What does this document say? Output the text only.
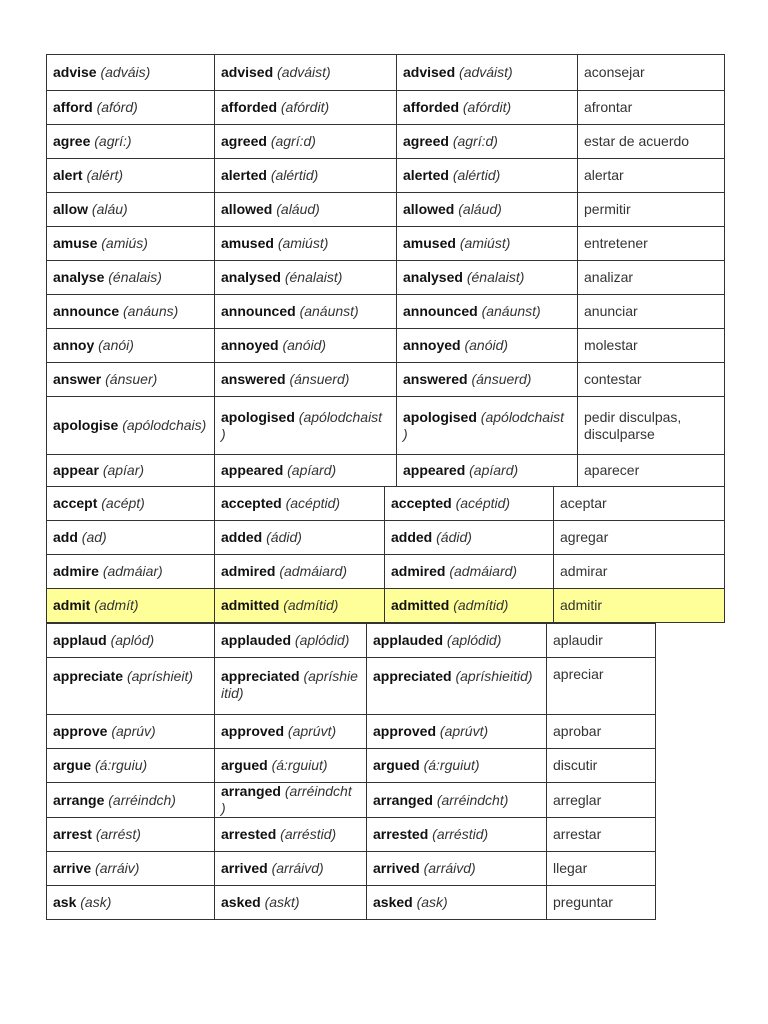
advise (adváis)	advised (adváist)	advised (adváist)	aconsejar
afford (afórd)	afforded (afórdit)	afforded (afórdit)	afrontar
agree (agrí:)	agreed (agrí:d)	agreed (agrí:d)	estar de acuerdo
alert (alért)	alerted (alértid)	alerted (alértid)	alertar
allow (aláu)	allowed (aláud)	allowed (aláud)	permitir
amuse (amiús)	amused (amiúst)	amused (amiúst)	entretener
analyse (énalais)	analysed (énalaist)	analysed (énalaist)	analizar
announce (anáuns)	announced (anáunst)	announced (anáunst)	anunciar
annoy (anói)	annoyed (anóid)	annoyed (anóid)	molestar
answer (ánsuer)	answered (ánsuerd)	answered (ánsuerd)	contestar
apologise (apólodchais)	apologised (apólodchaist )	apologised (apólodchaist )	pedir disculpas, disculparse
appear (apíar)	appeared (apíard)	appeared (apíard)	aparecer
accept (acépt)	accepted (acéptid)	accepted (acéptid)	aceptar
add (ad)	added (ádid)	added (ádid)	agregar
admire (admáiar)	admired (admáiard)	admired (admáiard)	admirar
admit (admít)	admitted (admítid)	admitted (admítid)	admitir
applaud (aplód)	applauded (aplódid)	applauded (aplódid)	aplaudir
appreciate (apríshieit)	appreciated (apríshie itid)	appreciated (apríshieitid)	apreciar
approve (aprúv)	approved (aprúvt)	approved (aprúvt)	aprobar
argue (á:rguiu)	argued (á:rguiut)	argued (á:rguiut)	discutir
arrange (arréindch)	arranged (arréindcht )	arranged (arréindcht)	arreglar
arrest (arrést)	arrested (arréstid)	arrested (arréstid)	arrestar
arrive (arráiv)	arrived (arráivd)	arrived (arráivd)	llegar
ask (ask)	asked (askt)	asked (ask)	preguntar
